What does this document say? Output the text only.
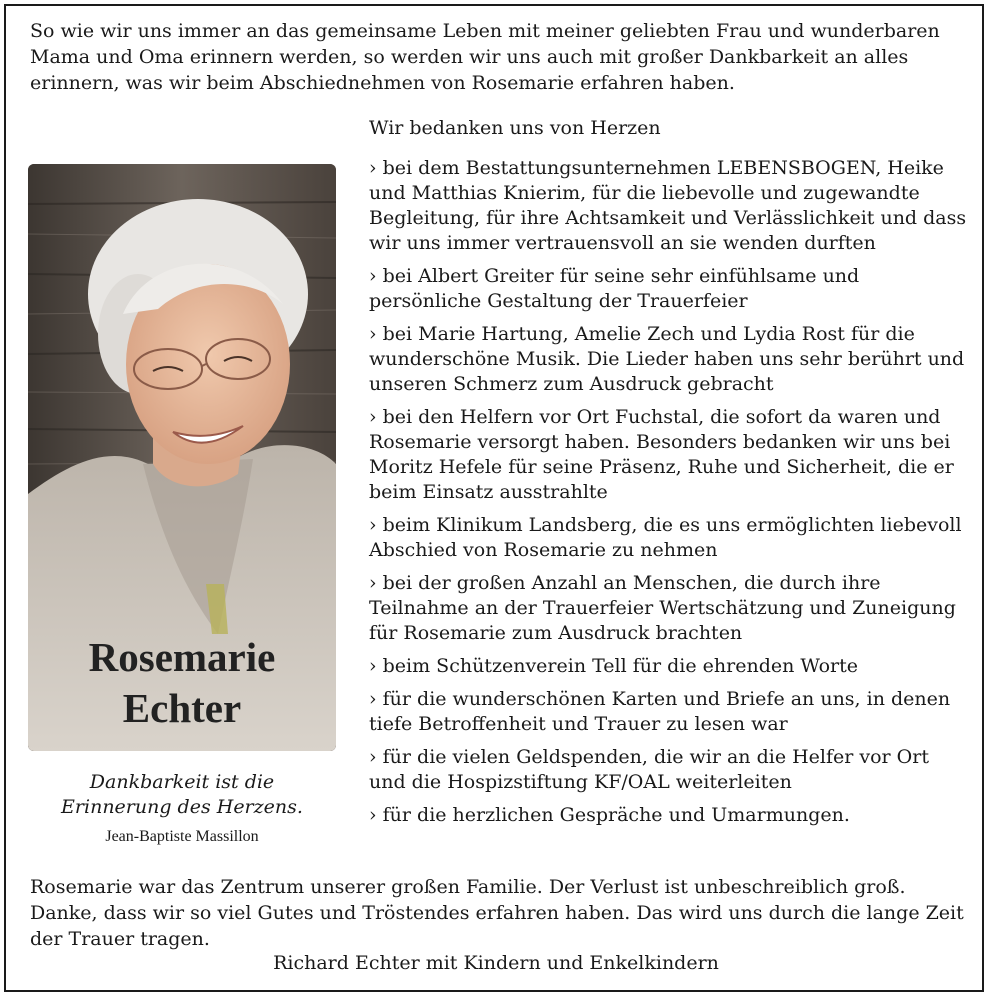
So wie wir uns immer an das gemeinsame Leben mit meiner geliebten Frau und wunderbaren Mama und Oma erinnern werden, so werden wir uns auch mit großer Dankbarkeit an alles erinnern, was wir beim Abschiednehmen von Rosemarie erfahren haben.

Wir bedanken uns von Herzen

› bei dem Bestattungsunternehmen LEBENSBOGEN, Heike und Matthias Knierim, für die liebevolle und zugewandte Begleitung, für ihre Achtsamkeit und Verlässlichkeit und dass wir uns immer vertrauensvoll an sie wenden durften
› bei Albert Greiter für seine sehr einfühlsame und persönliche Gestaltung der Trauerfeier
› bei Marie Hartung, Amelie Zech und Lydia Rost für die wunderschöne Musik. Die Lieder haben uns sehr berührt und unseren Schmerz zum Ausdruck gebracht
› bei den Helfern vor Ort Fuchstal, die sofort da waren und Rosemarie versorgt haben. Besonders bedanken wir uns bei Moritz Hefele für seine Präsenz, Ruhe und Sicherheit, die er beim Einsatz ausstrahlte
› beim Klinikum Landsberg, die es uns ermöglichten liebevoll Abschied von Rosemarie zu nehmen
› bei der großen Anzahl an Menschen, die durch ihre Teilnahme an der Trauerfeier Wertschätzung und Zuneigung für Rosemarie zum Ausdruck brachten
› beim Schützenverein Tell für die ehrenden Worte
› für die wunderschönen Karten und Briefe an uns, in denen tiefe Betroffenheit und Trauer zu lesen war
› für die vielen Geldspenden, die wir an die Helfer vor Ort und die Hospizstiftung KF/OAL weiterleiten
› für die herzlichen Gespräche und Umarmungen.
Rosemarie
Echter

Dankbarkeit ist die
Erinnerung des Herzens.

Jean-Baptiste Massillon

Rosemarie war das Zentrum unserer großen Familie. Der Verlust ist unbeschreiblich groß. Danke, dass wir so viel Gutes und Tröstendes erfahren haben. Das wird uns durch die lange Zeit der Trauer tragen.

Richard Echter mit Kindern und Enkelkindern
